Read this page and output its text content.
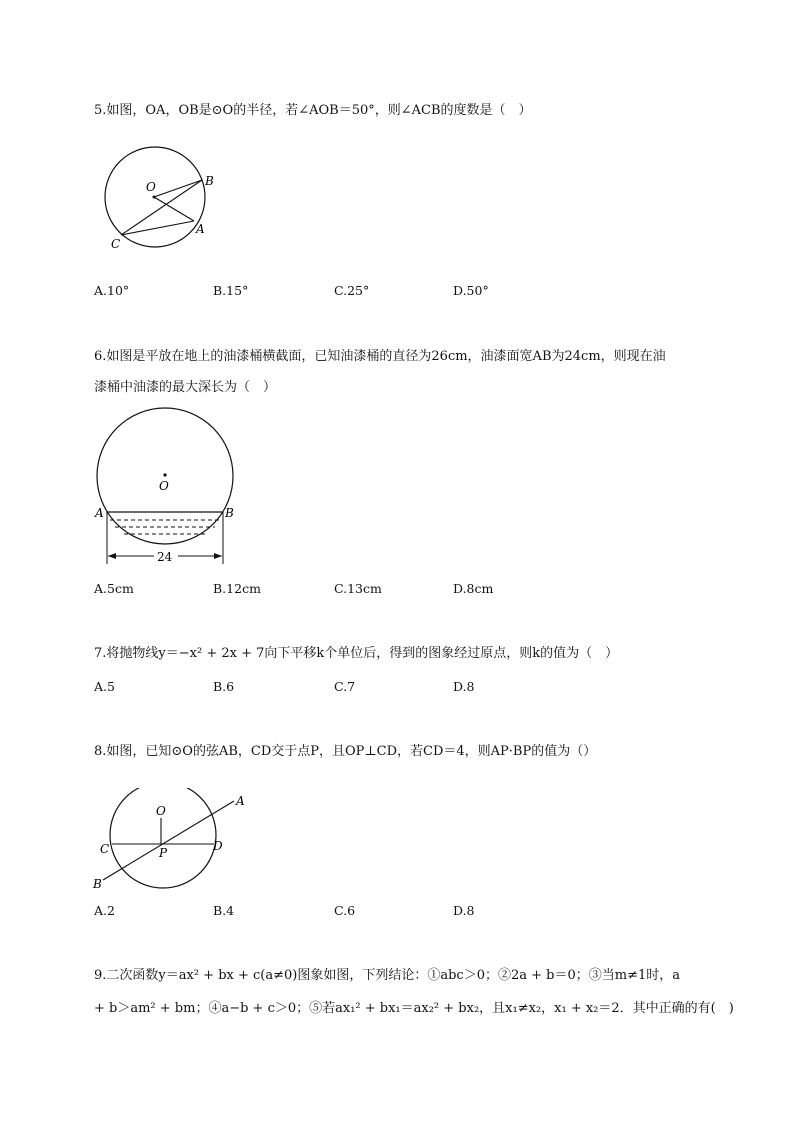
5.如图，OA，OB是⊙O的半径，若∠AOB＝50°，则∠ACB的度数是（　）
O	B
A
C
A.10°	B.15°	C.25°	D.50°
6.如图是平放在地上的油漆桶横截面，已知油漆桶的直径为26cm，油漆面宽AB为24cm，则现在油
漆桶中油漆的最大深长为（　）
O
A	B
24
A.5cm	B.12cm	C.13cm	D.8cm
7.将抛物线y＝−x² + 2x + 7向下平移k个单位后，得到的图象经过原点，则k的值为（　）
A.5	B.6	C.7	D.8
8.如图，已知⊙O的弦AB，CD交于点P，且OP⊥CD，若CD＝4，则AP·BP的值为（）
O
A
C	D
P
B
A.2	B.4	C.6	D.8
9.二次函数y＝ax² + bx + c(a≠0)图象如图，下列结论：①abc＞0；②2a + b＝0；③当m≠1时，a
+ b＞am² + bm；④a−b + c＞0；⑤若ax₁² + bx₁＝ax₂² + bx₂，且x₁≠x₂，x₁ + x₂＝2．其中正确的有(　)
